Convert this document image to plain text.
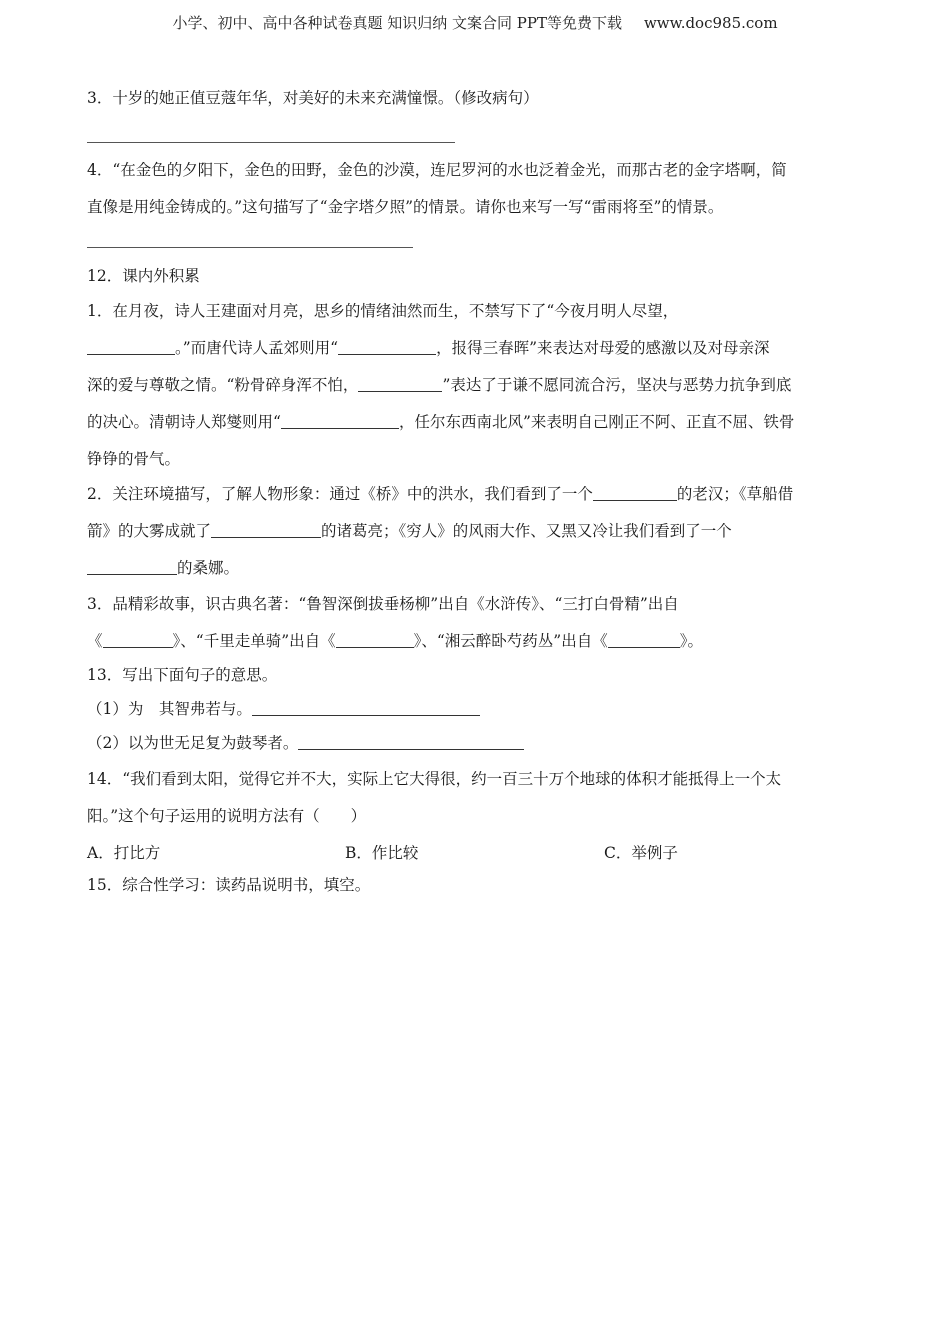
小学、初中、高中各种试卷真题 知识归纳 文案合同 PPT等免费下载 www.doc985.com
3．十岁的她正值豆蔻年华，对美好的未来充满憧憬。（修改病句）
4．“在金色的夕阳下，金色的田野，金色的沙漠，连尼罗河的水也泛着金光，而那古老的金字塔啊，简
直像是用纯金铸成的。”这句描写了“金字塔夕照”的情景。请你也来写一写“雷雨将至”的情景。
12．课内外积累
1．在月夜，诗人王建面对月亮，思乡的情绪油然而生，不禁写下了“今夜月明人尽望，
。”而唐代诗人孟郊则用“	，报得三春晖”来表达对母爱的感激以及对母亲深
深的爱与尊敬之情。“粉骨碎身浑不怕，	”表达了于谦不愿同流合污，坚决与恶势力抗争到底
的决心。清朝诗人郑燮则用“	，任尔东西南北风”来表明自己刚正不阿、正直不屈、铁骨
铮铮的骨气。
2．关注环境描写，了解人物形象：通过《桥》中的洪水，我们看到了一个	的老汉；《草船借
箭》的大雾成就了	的诸葛亮；《穷人》的风雨大作、又黑又冷让我们看到了一个
的桑娜。
3．品精彩故事，识古典名著：“鲁智深倒拔垂杨柳”出自《水浒传》、“三打白骨精”出自
《	》、“千里走单骑”出自《	》、“湘云醉卧芍药丛”出自《	》。
13．写出下面句子的意思。
（1）为　其智弗若与。
（2）以为世无足复为鼓琴者。
14．“我们看到太阳，觉得它并不大，实际上它大得很，约一百三十万个地球的体积才能抵得上一个太
阳。”这个句子运用的说明方法有（　　）
A．打比方	B．作比较	C．举例子
15．综合性学习：读药品说明书，填空。
